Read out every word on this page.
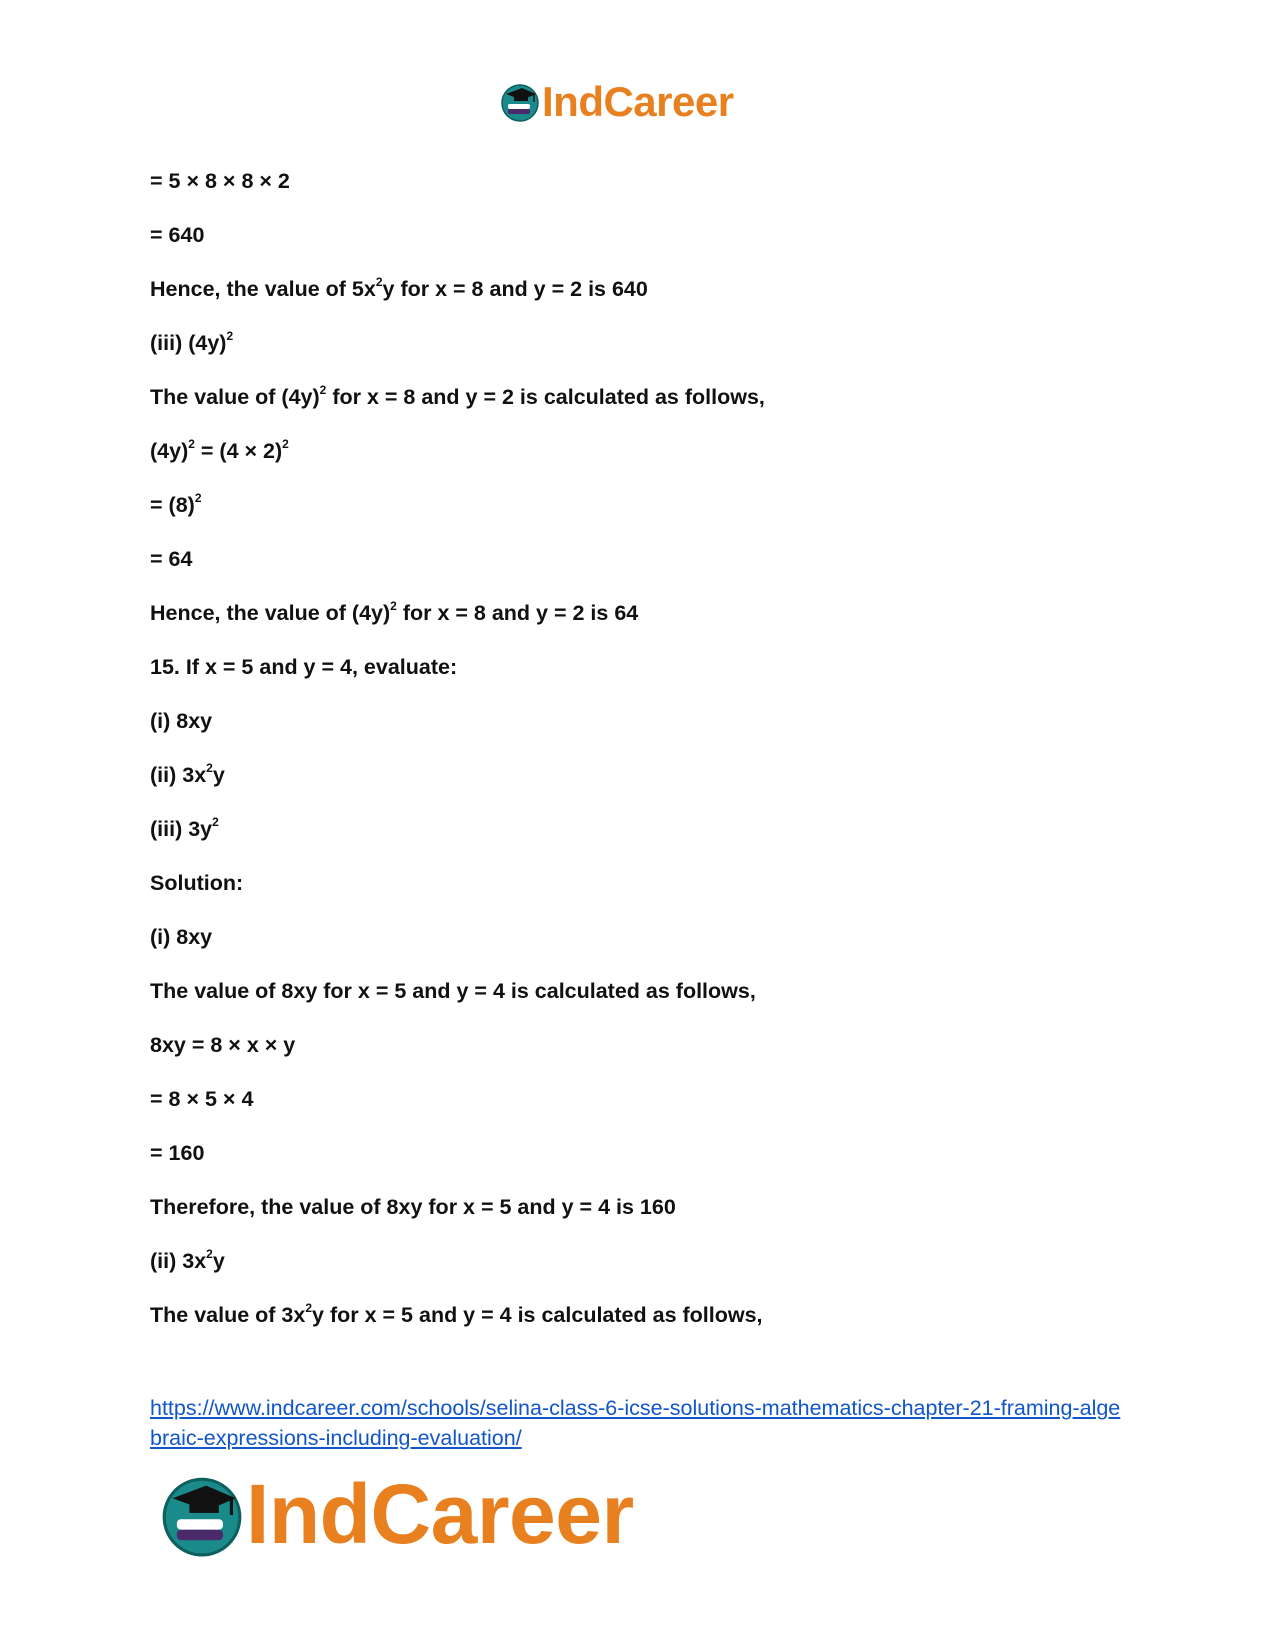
IndCareer
= 5 × 8 × 8 × 2
= 640
Hence, the value of $5x^2y$ for x = 8 and y = 2 is 640
(iii) $(4y)^2$
The value of $(4y)^2$ for x = 8 and y = 2 is calculated as follows,
$(4y)^2 = (4 \times 2)^2$
= $(8)^2$
= 64
Hence, the value of $(4y)^2$ for x = 8 and y = 2 is 64
15. If x = 5 and y = 4, evaluate:
(i) 8xy
(ii) $3x^2y$
(iii) $3y^2$
Solution:
(i) 8xy
The value of 8xy for x = 5 and y = 4 is calculated as follows,
8xy = 8 × x × y
= 8 × 5 × 4
= 160
Therefore, the value of 8xy for x = 5 and y = 4 is 160
(ii) $3x^2y$
The value of $3x^2y$ for x = 5 and y = 4 is calculated as follows,
https://www.indcareer.com/schools/selina-class-6-icse-solutions-mathematics-chapter-21-framing-algebraic-expressions-including-evaluation/
IndCareer
